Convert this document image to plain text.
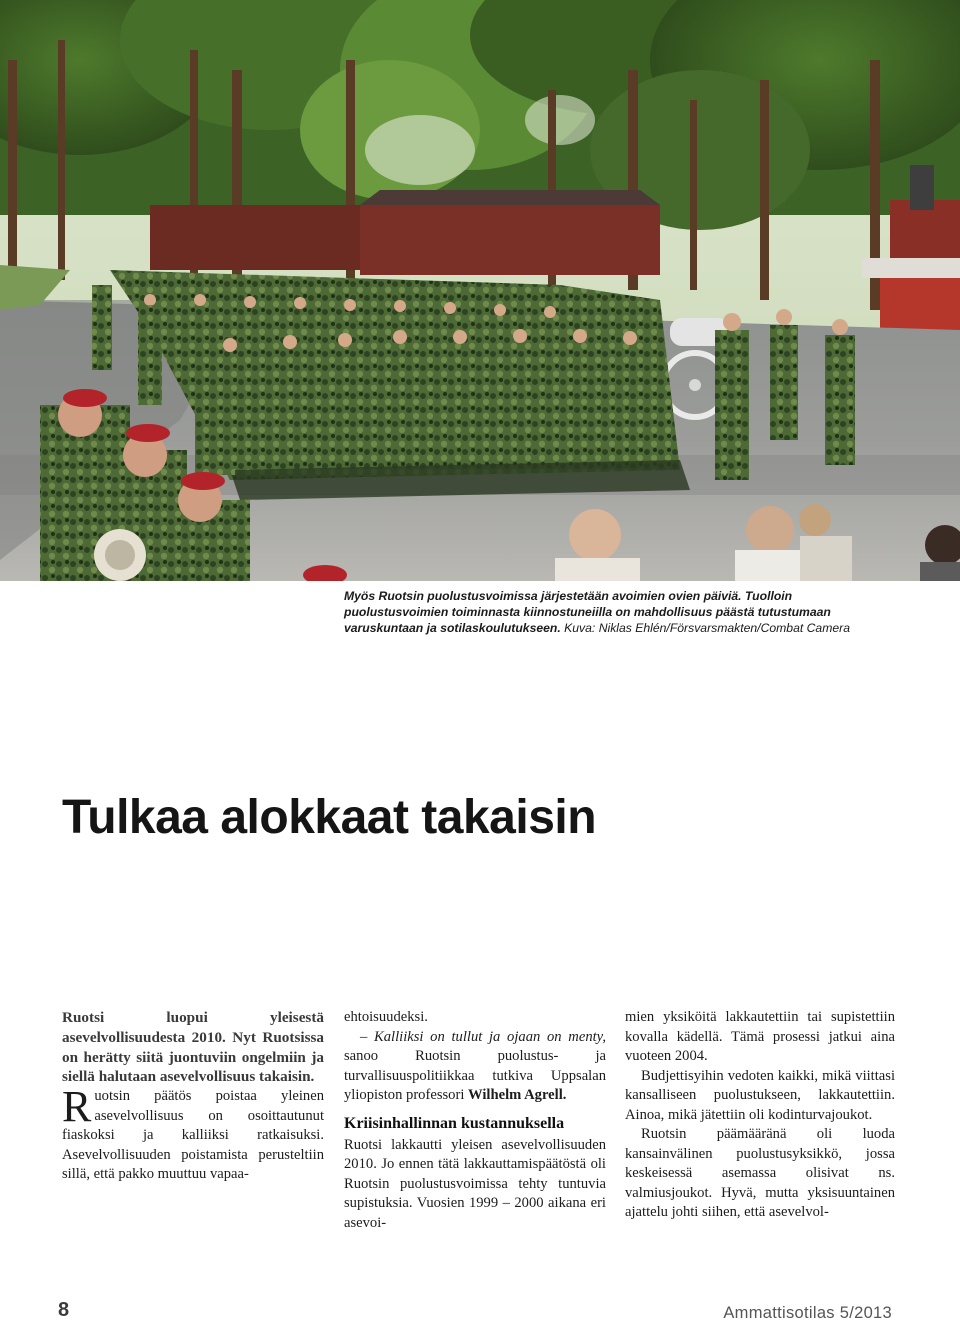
Myös Ruotsin puolustusvoimissa järjestetään avoimien ovien päiviä. Tuolloin puolustusvoimien toiminnasta kiinnostuneiilla on mahdollisuus päästä tutustumaan varuskuntaan ja sotilaskoulutukseen. Kuva: Niklas Ehlén/Försvarsmakten/Combat Camera
Tulkaa alokkaat takaisin

Ruotsi luopui yleisestä asevelvollisuudesta 2010. Nyt Ruotsissa on herätty siitä juontuviin ongelmiin ja siellä halutaan asevelvollisuus takaisin.

Ruotsin päätös poistaa yleinen asevelvollisuus on osoittautunut fiaskoksi ja kalliiksi ratkaisuksi. Asevelvollisuuden poistamista perusteltiin sillä, että pakko muuttuu vapaa-

ehtoisuudeksi.

– Kalliiksi on tullut ja ojaan on menty, sanoo Ruotsin puolustus- ja turvallisuuspolitiikkaa tutkiva Uppsalan yliopiston professori Wilhelm Agrell.

Kriisinhallinnan kustannuksella

Ruotsi lakkautti yleisen asevelvollisuuden 2010. Jo ennen tätä lakkauttamispäätöstä oli Ruotsin puolustusvoimissa tehty tuntuvia supistuksia. Vuosien 1999 – 2000 aikana eri asevoi-

mien yksiköitä lakkautettiin tai supistettiin kovalla kädellä. Tämä prosessi jatkui aina vuoteen 2004.

Budjettisyihin vedoten kaikki, mikä viittasi kansalliseen puolustukseen, lakkautettiin. Ainoa, mikä jätettiin oli kodinturvajoukot.

Ruotsin päämääränä oli luoda kansainvälinen puolustusyksikkö, jossa keskeisessä asemassa olisivat ns. valmiusjoukot. Hyvä, mutta yksisuuntainen ajattelu johti siihen, että asevelvol-

8	Ammattisotilas 5/2013
